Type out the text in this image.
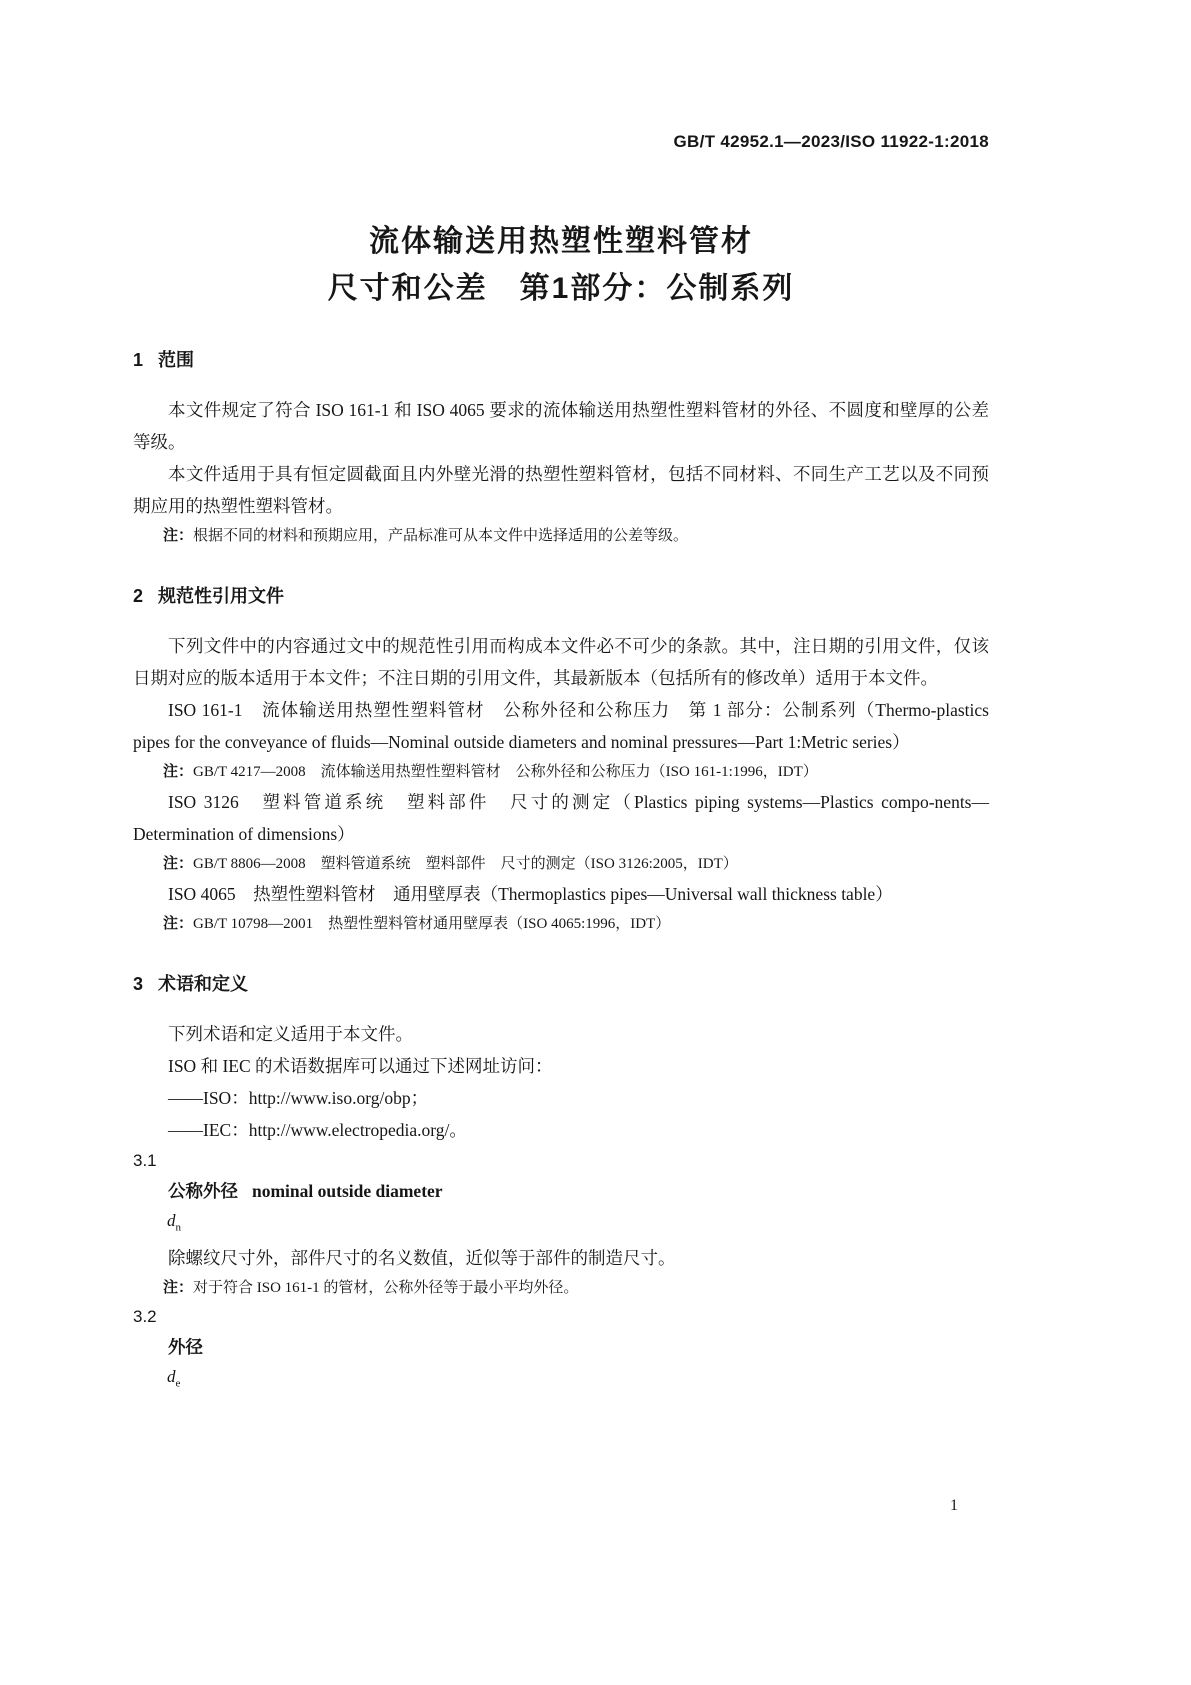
GB/T 42952.1—2023/ISO 11922-1:2018
流体输送用热塑性塑料管材
尺寸和公差　第1部分：公制系列
1 范围

本文件规定了符合 ISO 161-1 和 ISO 4065 要求的流体输送用热塑性塑料管材的外径、不圆度和壁厚的公差等级。

本文件适用于具有恒定圆截面且内外壁光滑的热塑性塑料管材，包括不同材料、不同生产工艺以及不同预期应用的热塑性塑料管材。

注：根据不同的材料和预期应用，产品标准可从本文件中选择适用的公差等级。

2 规范性引用文件

下列文件中的内容通过文中的规范性引用而构成本文件必不可少的条款。其中，注日期的引用文件，仅该日期对应的版本适用于本文件；不注日期的引用文件，其最新版本（包括所有的修改单）适用于本文件。

ISO 161-1　流体输送用热塑性塑料管材　公称外径和公称压力　第 1 部分：公制系列（Thermo-plastics pipes for the conveyance of fluids—Nominal outside diameters and nominal pressures—Part 1:Metric series）

注：GB/T 4217—2008　流体输送用热塑性塑料管材　公称外径和公称压力（ISO 161-1:1996，IDT）

ISO 3126　塑料管道系统　塑料部件　尺寸的测定（Plastics piping systems—Plastics compo-nents—Determination of dimensions）

注：GB/T 8806—2008　塑料管道系统　塑料部件　尺寸的测定（ISO 3126:2005，IDT）

ISO 4065　热塑性塑料管材　通用壁厚表（Thermoplastics pipes—Universal wall thickness table）

注：GB/T 10798—2001　热塑性塑料管材通用壁厚表（ISO 4065:1996，IDT）

3 术语和定义

下列术语和定义适用于本文件。

ISO 和 IEC 的术语数据库可以通过下述网址访问：

——ISO：http://www.iso.org/obp；

——IEC：http://www.electropedia.org/。

3.1

公称外径 nominal outside diameter

$d_n$

除螺纹尺寸外，部件尺寸的名义数值，近似等于部件的制造尺寸。

注：对于符合 ISO 161-1 的管材，公称外径等于最小平均外径。

3.2

外径

$d_e$

1
